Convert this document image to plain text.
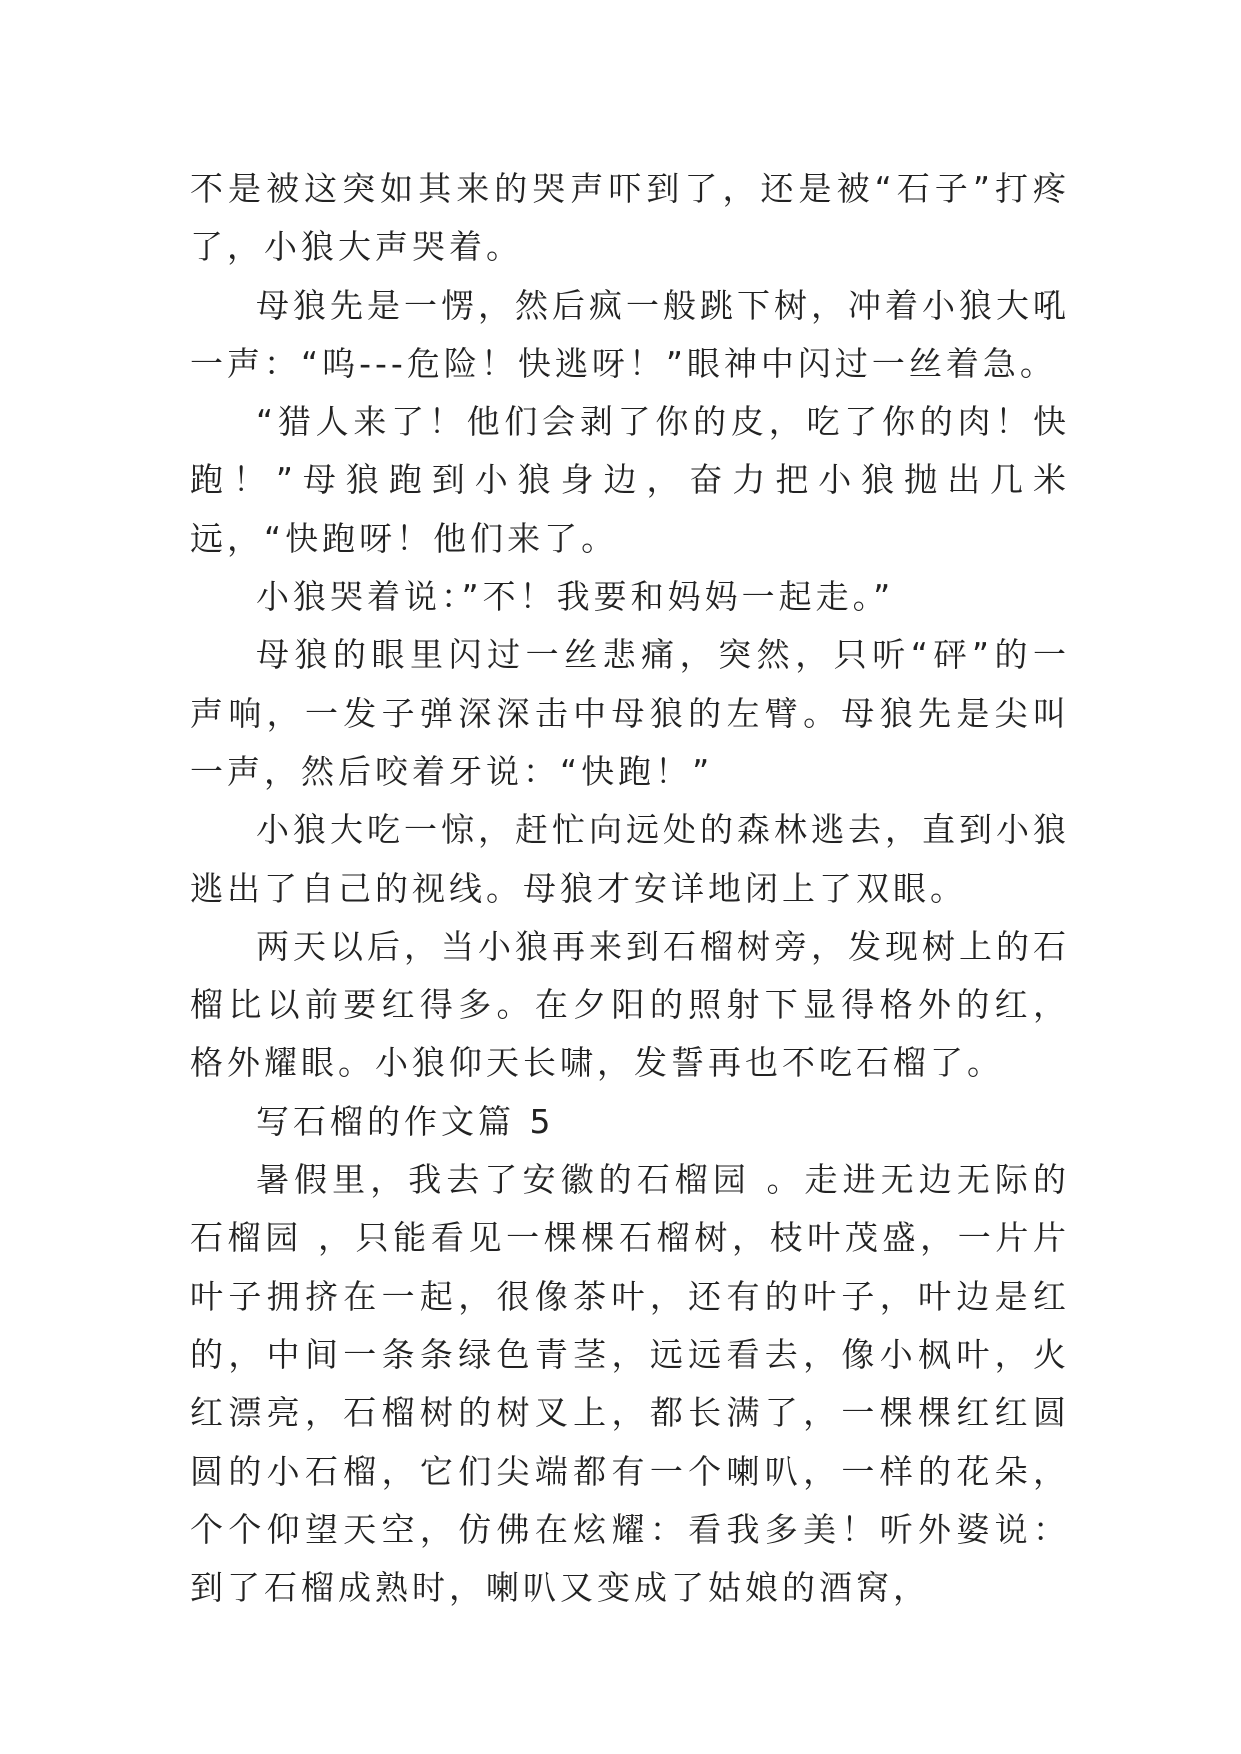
不是被这突如其来的哭声吓到了，还是被“石子”打疼了，小狼大声哭着。

母狼先是一愣，然后疯一般跳下树，冲着小狼大吼一声：“呜---危险！快逃呀！”眼神中闪过一丝着急。

“猎人来了！他们会剥了你的皮，吃了你的肉！快跑！”母狼跑到小狼身边，奋力把小狼抛出几米远，“快跑呀！他们来了。

小狼哭着说：”不！我要和妈妈一起走。”

母狼的眼里闪过一丝悲痛，突然，只听“砰”的一声响，一发子弹深深击中母狼的左臂。母狼先是尖叫一声，然后咬着牙说：“快跑！”

小狼大吃一惊，赶忙向远处的森林逃去，直到小狼逃出了自己的视线。母狼才安详地闭上了双眼。

两天以后，当小狼再来到石榴树旁，发现树上的石榴比以前要红得多。在夕阳的照射下显得格外的红，格外耀眼。小狼仰天长啸，发誓再也不吃石榴了。

写石榴的作文篇 5

暑假里，我去了安徽的石榴园 。走进无边无际的石榴园 ，只能看见一棵棵石榴树，枝叶茂盛，一片片叶子拥挤在一起，很像茶叶，还有的叶子，叶边是红的，中间一条条绿色青茎，远远看去，像小枫叶，火红漂亮，石榴树的树叉上，都长满了，一棵棵红红圆圆的小石榴，它们尖端都有一个喇叭，一样的花朵，个个仰望天空，仿佛在炫耀：看我多美！听外婆说：到了石榴成熟时，喇叭又变成了姑娘的酒窝，
